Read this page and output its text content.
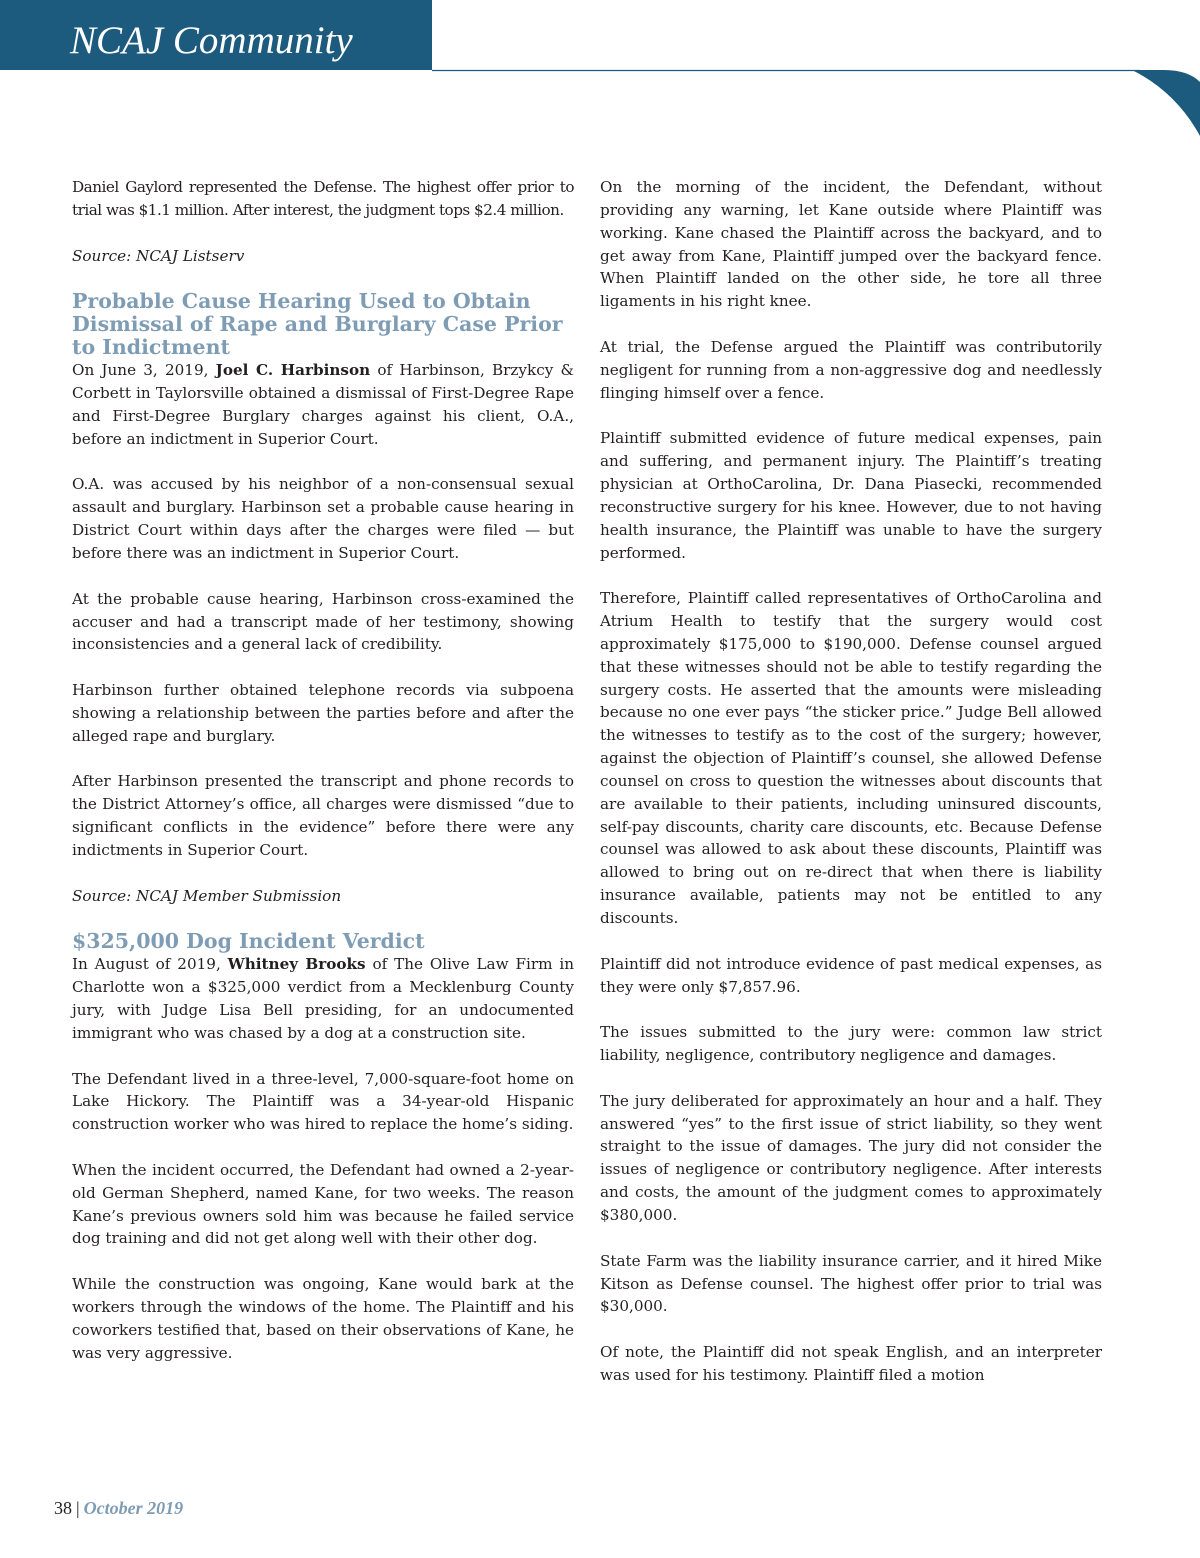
NCAJ Community

Daniel Gaylord represented the Defense. The highest offer prior to trial was $1.1 million. After interest, the judgment tops $2.4 million.

Source: NCAJ Listserv

Probable Cause Hearing Used to Obtain Dismissal of Rape and Burglary Case Prior to Indictment

On June 3, 2019, Joel C. Harbinson of Harbinson, Brzykcy & Corbett in Taylorsville obtained a dismissal of First-Degree Rape and First-Degree Burglary charges against his client, O.A., before an indictment in Superior Court.

O.A. was accused by his neighbor of a non-consensual sexual assault and burglary. Harbinson set a probable cause hearing in District Court within days after the charges were filed — but before there was an indictment in Superior Court.

At the probable cause hearing, Harbinson cross-examined the accuser and had a transcript made of her testimony, showing inconsistencies and a general lack of credibility.

Harbinson further obtained telephone records via subpoena showing a relationship between the parties before and after the alleged rape and burglary.

After Harbinson presented the transcript and phone records to the District Attorney’s office, all charges were dismissed “due to significant conflicts in the evidence” before there were any indictments in Superior Court.

Source: NCAJ Member Submission

$325,000 Dog Incident Verdict

In August of 2019, Whitney Brooks of The Olive Law Firm in Charlotte won a $325,000 verdict from a Mecklenburg County jury, with Judge Lisa Bell presiding, for an undocumented immigrant who was chased by a dog at a construction site.

The Defendant lived in a three-level, 7,000-square-foot home on Lake Hickory. The Plaintiff was a 34-year-old Hispanic construction worker who was hired to replace the home’s siding.

When the incident occurred, the Defendant had owned a 2-year-old German Shepherd, named Kane, for two weeks. The reason Kane’s previous owners sold him was because he failed service dog training and did not get along well with their other dog.

While the construction was ongoing, Kane would bark at the workers through the windows of the home. The Plaintiff and his coworkers testified that, based on their observations of Kane, he was very aggressive.

On the morning of the incident, the Defendant, without providing any warning, let Kane outside where Plaintiff was working. Kane chased the Plaintiff across the backyard, and to get away from Kane, Plaintiff jumped over the backyard fence. When Plaintiff landed on the other side, he tore all three ligaments in his right knee.

At trial, the Defense argued the Plaintiff was contributorily negligent for running from a non-aggressive dog and needlessly flinging himself over a fence.

Plaintiff submitted evidence of future medical expenses, pain and suffering, and permanent injury. The Plaintiff’s treating physician at OrthoCarolina, Dr. Dana Piasecki, recommended reconstructive surgery for his knee. However, due to not having health insurance, the Plaintiff was unable to have the surgery performed.

Therefore, Plaintiff called representatives of OrthoCarolina and Atrium Health to testify that the surgery would cost approximately $175,000 to $190,000. Defense counsel argued that these witnesses should not be able to testify regarding the surgery costs. He asserted that the amounts were misleading because no one ever pays “the sticker price.” Judge Bell allowed the witnesses to testify as to the cost of the surgery; however, against the objection of Plaintiff’s counsel, she allowed Defense counsel on cross to question the witnesses about discounts that are available to their patients, including uninsured discounts, self-pay discounts, charity care discounts, etc. Because Defense counsel was allowed to ask about these discounts, Plaintiff was allowed to bring out on re-direct that when there is liability insurance available, patients may not be entitled to any discounts.

Plaintiff did not introduce evidence of past medical expenses, as they were only $7,857.96.

The issues submitted to the jury were: common law strict liability, negligence, contributory negligence and damages.

The jury deliberated for approximately an hour and a half. They answered “yes” to the first issue of strict liability, so they went straight to the issue of damages. The jury did not consider the issues of negligence or contributory negligence. After interests and costs, the amount of the judgment comes to approximately $380,000.

State Farm was the liability insurance carrier, and it hired Mike Kitson as Defense counsel. The highest offer prior to trial was $30,000.

Of note, the Plaintiff did not speak English, and an interpreter was used for his testimony. Plaintiff filed a motion

38 | October 2019
